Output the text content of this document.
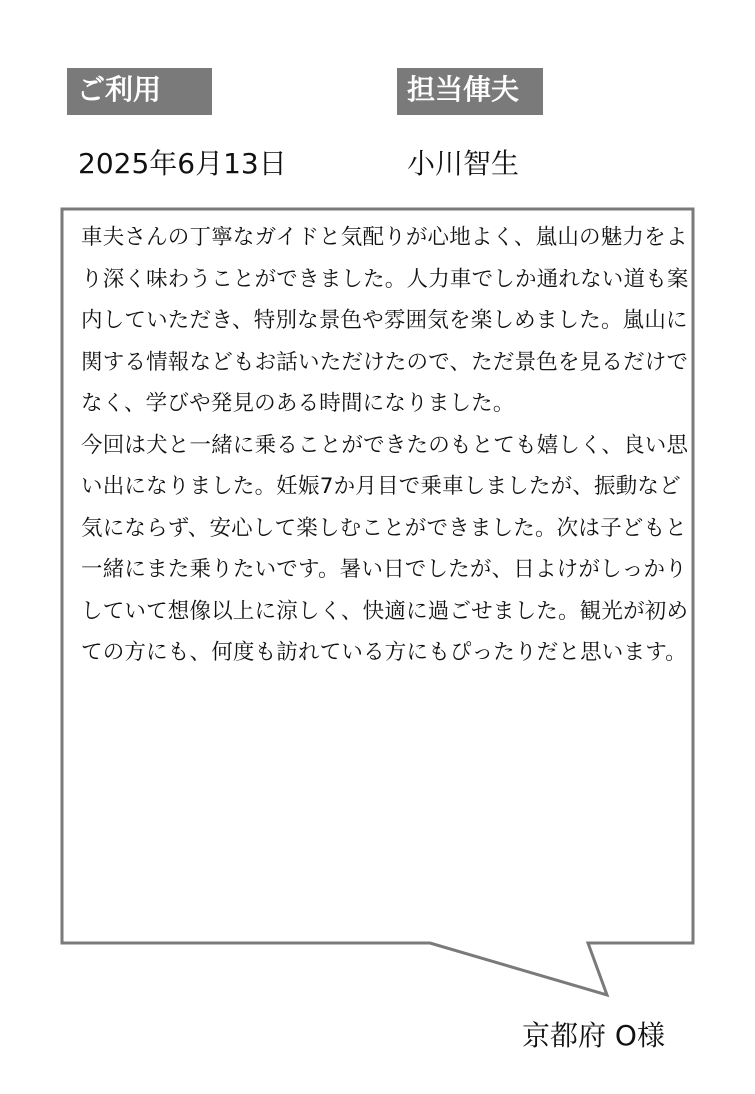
ご利用	担当俥夫
2025年6月13日	小川智生

車夫さんの丁寧なガイドと気配りが心地よく、嵐山の魅力をより深く味わうことができました。人力車でしか通れない道も案内していただき、特別な景色や雰囲気を楽しめました。嵐山に関する情報などもお話いただけたので、ただ景色を見るだけでなく、学びや発見のある時間になりました。

今回は犬と一緒に乗ることができたのもとても嬉しく、良い思い出になりました。妊娠7か月目で乗車しましたが、振動など気にならず、安心して楽しむことができました。次は子どもと一緒にまた乗りたいです。暑い日でしたが、日よけがしっかりしていて想像以上に涼しく、快適に過ごせました。観光が初めての方にも、何度も訪れている方にもぴったりだと思います。

京都府 O様
